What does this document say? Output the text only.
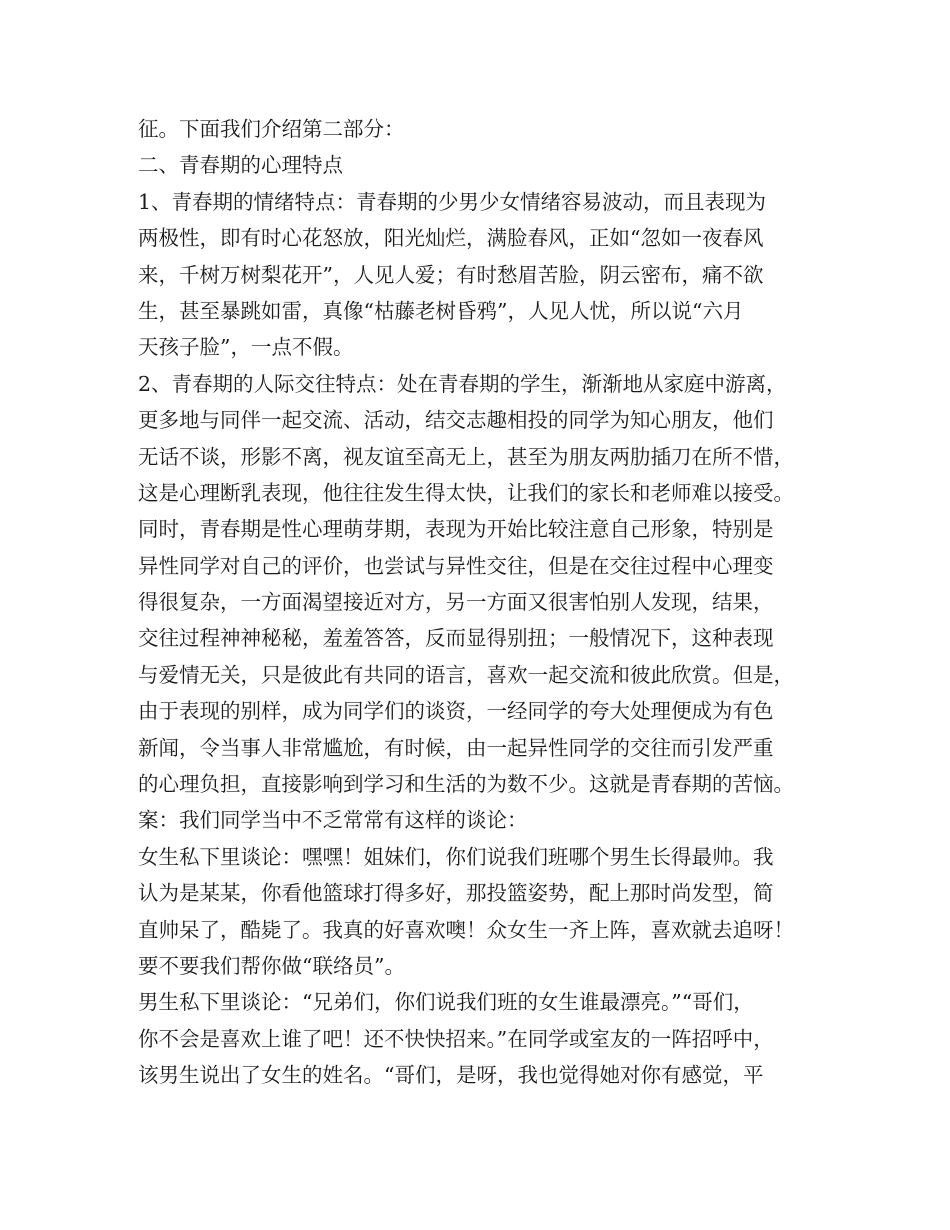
征。下面我们介绍第二部分：
二、青春期的心理特点
1、青春期的情绪特点：青春期的少男少女情绪容易波动，而且表现为
两极性，即有时心花怒放，阳光灿烂，满脸春风，正如“忽如一夜春风
来，千树万树梨花开”，人见人爱；有时愁眉苦脸，阴云密布，痛不欲
生，甚至暴跳如雷，真像“枯藤老树昏鸦”，人见人忧，所以说“六月
天孩子脸”，一点不假。
2、青春期的人际交往特点：处在青春期的学生，渐渐地从家庭中游离，
更多地与同伴一起交流、活动，结交志趣相投的同学为知心朋友，他们
无话不谈，形影不离，视友谊至高无上，甚至为朋友两肋插刀在所不惜，
这是心理断乳表现，他往往发生得太快，让我们的家长和老师难以接受。
同时，青春期是性心理萌芽期，表现为开始比较注意自己形象，特别是
异性同学对自己的评价，也尝试与异性交往，但是在交往过程中心理变
得很复杂，一方面渴望接近对方，另一方面又很害怕别人发现，结果，
交往过程神神秘秘，羞羞答答，反而显得别扭；一般情况下，这种表现
与爱情无关，只是彼此有共同的语言，喜欢一起交流和彼此欣赏。但是，
由于表现的别样，成为同学们的谈资，一经同学的夸大处理便成为有色
新闻，令当事人非常尴尬，有时候，由一起异性同学的交往而引发严重
的心理负担，直接影响到学习和生活的为数不少。这就是青春期的苦恼。
案：我们同学当中不乏常常有这样的谈论：
女生私下里谈论：嘿嘿！姐妹们，你们说我们班哪个男生长得最帅。我
认为是某某，你看他篮球打得多好，那投篮姿势，配上那时尚发型，简
直帅呆了，酷毙了。我真的好喜欢噢！众女生一齐上阵，喜欢就去追呀！
要不要我们帮你做“联络员”。
男生私下里谈论：“兄弟们，你们说我们班的女生谁最漂亮。”“哥们，
你不会是喜欢上谁了吧！还不快快招来。”在同学或室友的一阵招呼中，
该男生说出了女生的姓名。“哥们，是呀，我也觉得她对你有感觉，平
